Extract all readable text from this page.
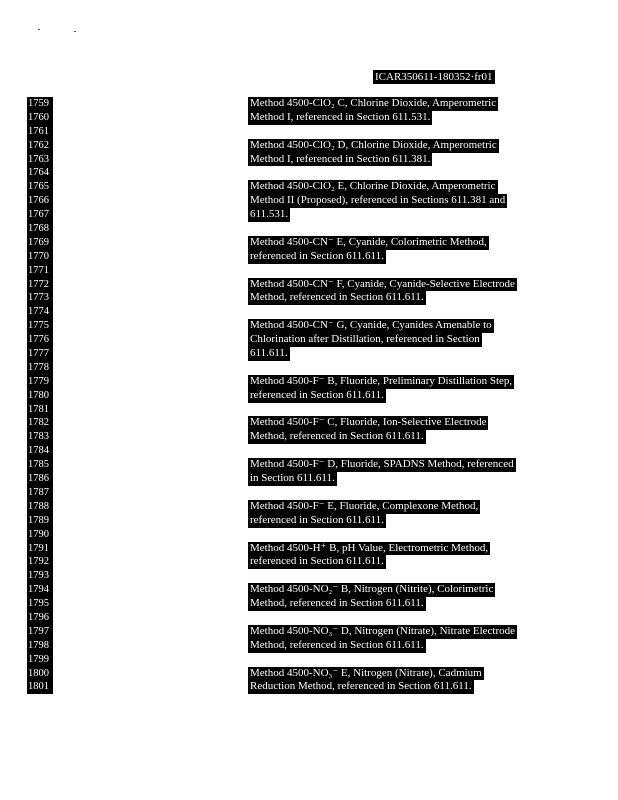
ICAR350611-180352·fr01
1759
1760
1761
1762
1763
1764
1765
1766
1767
1768
1769
1770
1771
1772
1773
1774
1775
1776
1777
1778
1779
1780
1781
1782
1783
1784
1785
1786
1787
1788
1789
1790
1791
1792
1793
1794
1795
1796
1797
1798
1799
1800
1801
Method 4500-ClO₂ C, Chlorine Dioxide, Amperometric
Method I, referenced in Section 611.531.
Method 4500-ClO₂ D, Chlorine Dioxide, Amperometric
Method I, referenced in Section 611.381.
Method 4500-ClO₂ E, Chlorine Dioxide, Amperometric
Method II (Proposed), referenced in Sections 611.381 and
611.531.
Method 4500-CN⁻ E, Cyanide, Colorimetric Method,
referenced in Section 611.611.
Method 4500-CN⁻ F, Cyanide, Cyanide-Selective Electrode
Method, referenced in Section 611.611.
Method 4500-CN⁻ G, Cyanide, Cyanides Amenable to
Chlorination after Distillation, referenced in Section
611.611.
Method 4500-F⁻ B, Fluoride, Preliminary Distillation Step,
referenced in Section 611.611.
Method 4500-F⁻ C, Fluoride, Ion-Selective Electrode
Method, referenced in Section 611.611.
Method 4500-F⁻ D, Fluoride, SPADNS Method, referenced
in Section 611.611.
Method 4500-F⁻ E, Fluoride, Complexone Method,
referenced in Section 611.611.
Method 4500-H⁺ B, pH Value, Electrometric Method,
referenced in Section 611.611.
Method 4500-NO₂⁻ B, Nitrogen (Nitrite), Colorimetric
Method, referenced in Section 611.611.
Method 4500-NO₃⁻ D, Nitrogen (Nitrate), Nitrate Electrode
Method, referenced in Section 611.611.
Method 4500-NO₃⁻ E, Nitrogen (Nitrate), Cadmium
Reduction Method, referenced in Section 611.611.
